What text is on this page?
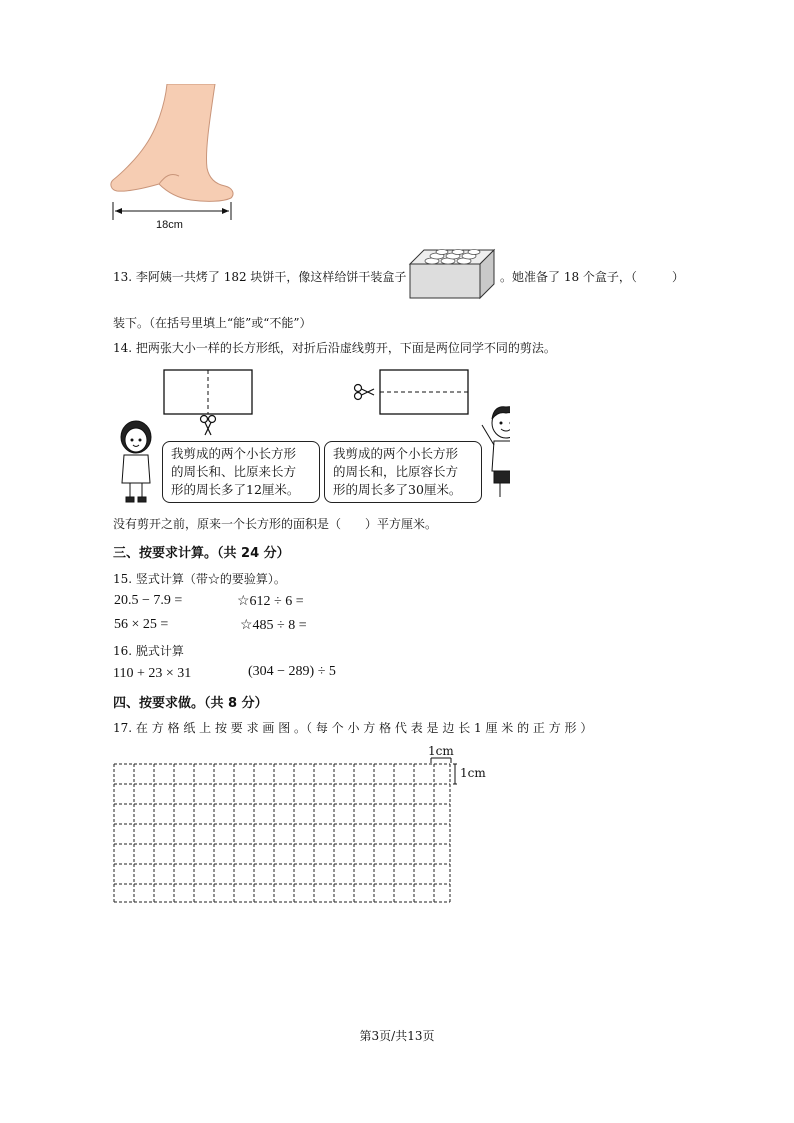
18cm
13. 李阿姨一共烤了 182 块饼干，像这样给饼干装盒子	。她准备了 18 个盒子，（	）
装下。（在括号里填上“能”或“不能”）
14. 把两张大小一样的长方形纸，对折后沿虚线剪开，下面是两位同学不同的剪法。
我剪成的两个小长方形
的周长和、比原来长方
形的周长多了12厘米。
我剪成的两个小长方形
的周长和，比原容长方
形的周长多了30厘米。
没有剪开之前，原来一个长方形的面积是（　　）平方厘米。
三、按要求计算。（共 24 分）
15. 竖式计算（带☆的要验算）。
20.5 − 7.9 =	☆612 ÷ 6 =
56 × 25 =	☆485 ÷ 8 =
16. 脱式计算
110 + 23 × 31	(304 − 289) ÷ 5
四、按要求做。（共 8 分）
17. 在 方 格 纸 上 按 要 求 画 图 。（ 每 个 小 方 格 代 表 是 边 长 1 厘 米 的 正 方 形 ）
1cm
1cm
第3页/共13页
